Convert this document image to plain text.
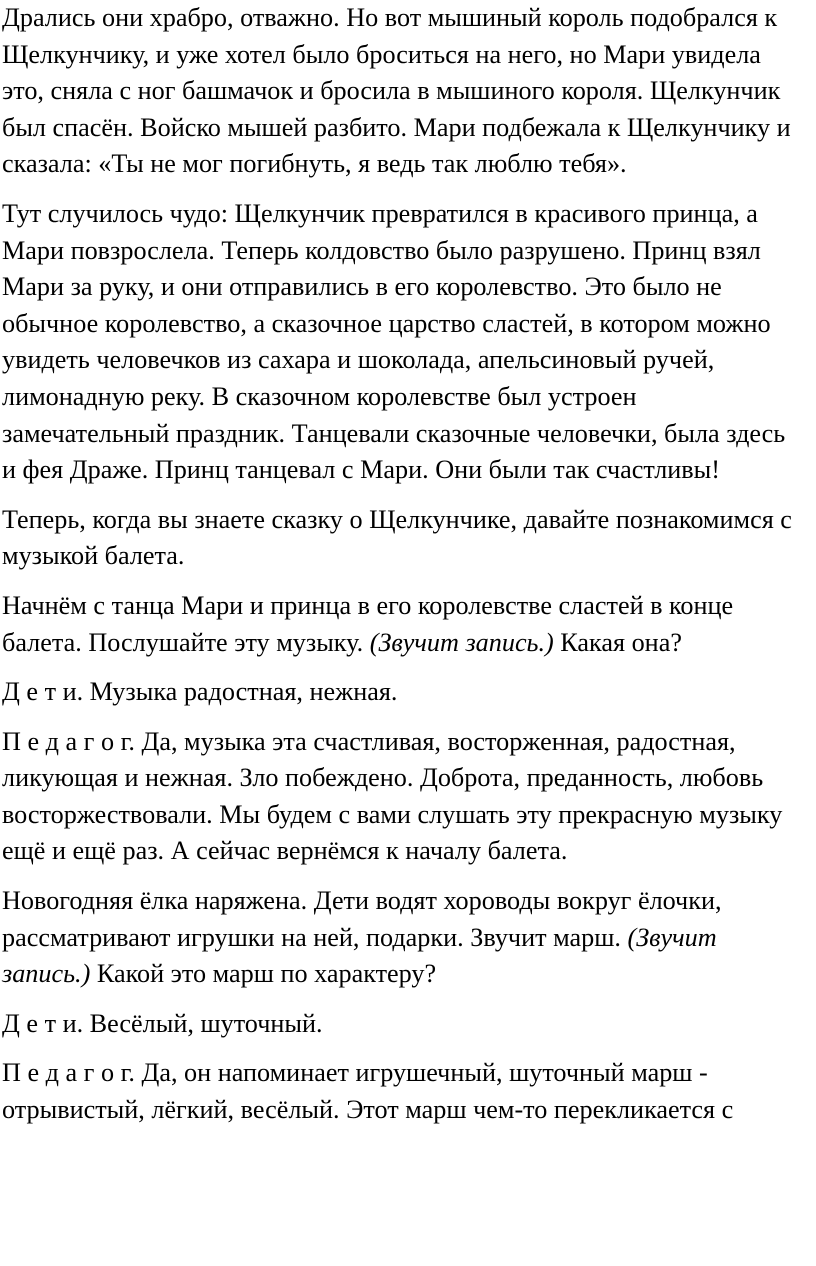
Дрались они храбро, отважно. Но вот мышиный король подобрался к Щелкунчику, и уже хотел было броситься на него, но Мари увидела это, сняла с ног башмачок и бросила в мышиного короля. Щелкунчик был спасён. Войско мышей разбито. Мари подбежала к Щелкунчику и сказала: «Ты не мог погибнуть, я ведь так люблю тебя».

Тут случилось чудо: Щелкунчик превратился в красивого принца, а Мари повзрослела. Теперь колдовство было разрушено. Принц взял Мари за руку, и они отправились в его королевство. Это было не обычное королевство, а сказочное царство сластей, в котором можно увидеть человечков из сахара и шоколада, апельсиновый ручей, лимонадную реку. В сказочном королевстве был устроен замечательный праздник. Танцевали сказочные человечки, была здесь и фея Драже. Принц танцевал с Мари. Они были так счастливы!

Теперь, когда вы знаете сказку о Щелкунчике, давайте познакомимся с музыкой балета.

Начнём с танца Мари и принца в его королевстве сластей в конце балета. Послушайте эту музыку. (Звучит запись.) Какая она?

Д е т и. Музыка радостная, нежная.

П е д а г о г. Да, музыка эта счастливая, восторженная, радостная, ликующая и нежная. Зло побеждено. Доброта, преданность, любовь восторжествовали. Мы будем с вами слушать эту прекрасную музыку ещё и ещё раз. А сейчас вернёмся к началу балета.

Новогодняя ёлка наряжена. Дети водят хороводы вокруг ёлочки, рассматривают игрушки на ней, подарки. Звучит марш. (Звучит запись.) Какой это марш по характеру?

Д е т и. Весёлый, шуточный.

П е д а г о г. Да, он напоминает игрушечный, шуточный марш - отрывистый, лёгкий, весёлый. Этот марш чем-то перекликается с
